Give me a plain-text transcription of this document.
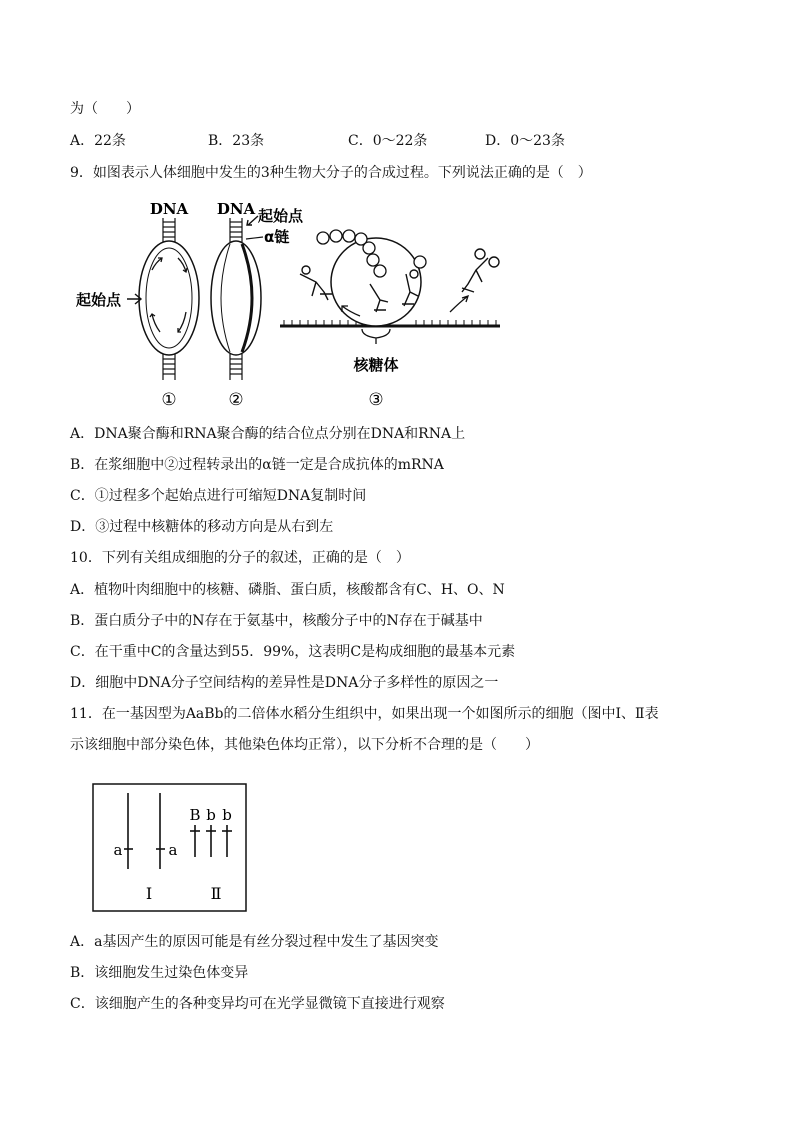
为（　　）
A．22条	B．23条	C．0～22条	D．0～23条
9．如图表示人体细胞中发生的3种生物大分子的合成过程。下列说法正确的是（　）
DNA
起始点
①
DNA 起始点
α链
②
核糖体
③
A．DNA聚合酶和RNA聚合酶的结合位点分别在DNA和RNA上
B．在浆细胞中②过程转录出的α链一定是合成抗体的mRNA
C．①过程多个起始点进行可缩短DNA复制时间
D．③过程中核糖体的移动方向是从右到左
10．下列有关组成细胞的分子的叙述，正确的是（　）
A．植物叶肉细胞中的核糖、磷脂、蛋白质，核酸都含有C、H、O、N
B．蛋白质分子中的N存在于氨基中，核酸分子中的N存在于碱基中
C．在干重中C的含量达到55．99%，这表明C是构成细胞的最基本元素
D．细胞中DNA分子空间结构的差异性是DNA分子多样性的原因之一
11．在一基因型为AaBb的二倍体水稻分生组织中，如果出现一个如图所示的细胞（图中Ⅰ、Ⅱ表
示该细胞中部分染色体，其他染色体均正常），以下分析不合理的是（　　）
a	a
B b b
Ⅰ	Ⅱ
A．a基因产生的原因可能是有丝分裂过程中发生了基因突变
B．该细胞发生过染色体变异
C．该细胞产生的各种变异均可在光学显微镜下直接进行观察
